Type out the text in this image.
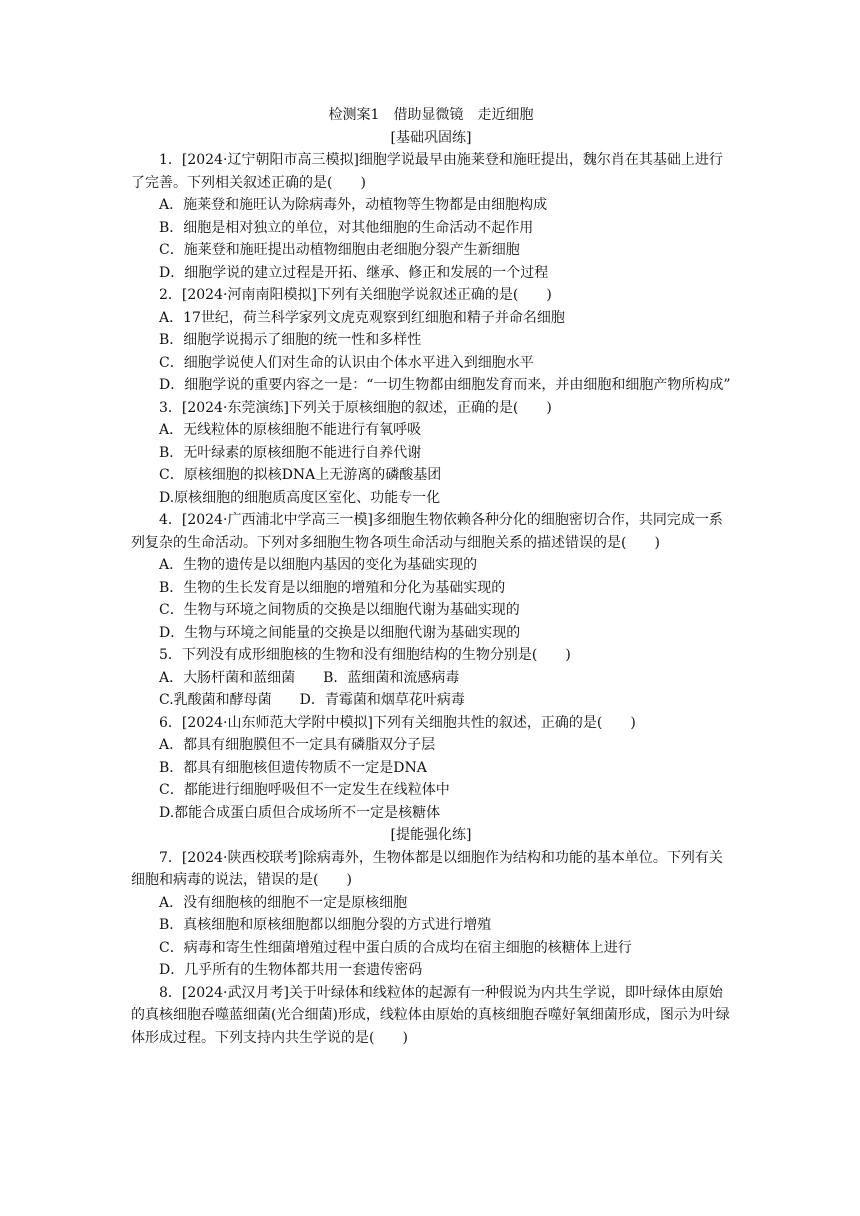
检测案1　借助显微镜　走近细胞

[基础巩固练]

1．[2024·辽宁朝阳市高三模拟]细胞学说最早由施莱登和施旺提出，魏尔肖在其基础上进行了完善。下列相关叙述正确的是(　　)

A．施莱登和施旺认为除病毒外，动植物等生物都是由细胞构成

B．细胞是相对独立的单位，对其他细胞的生命活动不起作用

C．施莱登和施旺提出动植物细胞由老细胞分裂产生新细胞

D．细胞学说的建立过程是开拓、继承、修正和发展的一个过程

2．[2024·河南南阳模拟]下列有关细胞学说叙述正确的是(　　)

A．17世纪，荷兰科学家列文虎克观察到红细胞和精子并命名细胞

B．细胞学说揭示了细胞的统一性和多样性

C．细胞学说使人们对生命的认识由个体水平进入到细胞水平

D．细胞学说的重要内容之一是：“一切生物都由细胞发育而来，并由细胞和细胞产物所构成”

3．[2024·东莞演练]下列关于原核细胞的叙述，正确的是(　　)

A．无线粒体的原核细胞不能进行有氧呼吸

B．无叶绿素的原核细胞不能进行自养代谢

C．原核细胞的拟核DNA上无游离的磷酸基团

D.原核细胞的细胞质高度区室化、功能专一化

4．[2024·广西浦北中学高三一模]多细胞生物依赖各种分化的细胞密切合作，共同完成一系列复杂的生命活动。下列对多细胞生物各项生命活动与细胞关系的描述错误的是(　　)

A．生物的遗传是以细胞内基因的变化为基础实现的

B．生物的生长发育是以细胞的增殖和分化为基础实现的

C．生物与环境之间物质的交换是以细胞代谢为基础实现的

D．生物与环境之间能量的交换是以细胞代谢为基础实现的

5．下列没有成形细胞核的生物和没有细胞结构的生物分别是(　　)

A．大肠杆菌和蓝细菌 B．蓝细菌和流感病毒
C.乳酸菌和酵母菌 D．青霉菌和烟草花叶病毒

6．[2024·山东师范大学附中模拟]下列有关细胞共性的叙述，正确的是(　　)

A．都具有细胞膜但不一定具有磷脂双分子层

B．都具有细胞核但遗传物质不一定是DNA

C．都能进行细胞呼吸但不一定发生在线粒体中

D.都能合成蛋白质但合成场所不一定是核糖体

[提能强化练]

7．[2024·陕西校联考]除病毒外，生物体都是以细胞作为结构和功能的基本单位。下列有关细胞和病毒的说法，错误的是(　　)

A．没有细胞核的细胞不一定是原核细胞

B．真核细胞和原核细胞都以细胞分裂的方式进行增殖

C．病毒和寄生性细菌增殖过程中蛋白质的合成均在宿主细胞的核糖体上进行

D．几乎所有的生物体都共用一套遗传密码

8．[2024·武汉月考]关于叶绿体和线粒体的起源有一种假说为内共生学说，即叶绿体由原始的真核细胞吞噬蓝细菌(光合细菌)形成，线粒体由原始的真核细胞吞噬好氧细菌形成，图示为叶绿体形成过程。下列支持内共生学说的是(　　)
